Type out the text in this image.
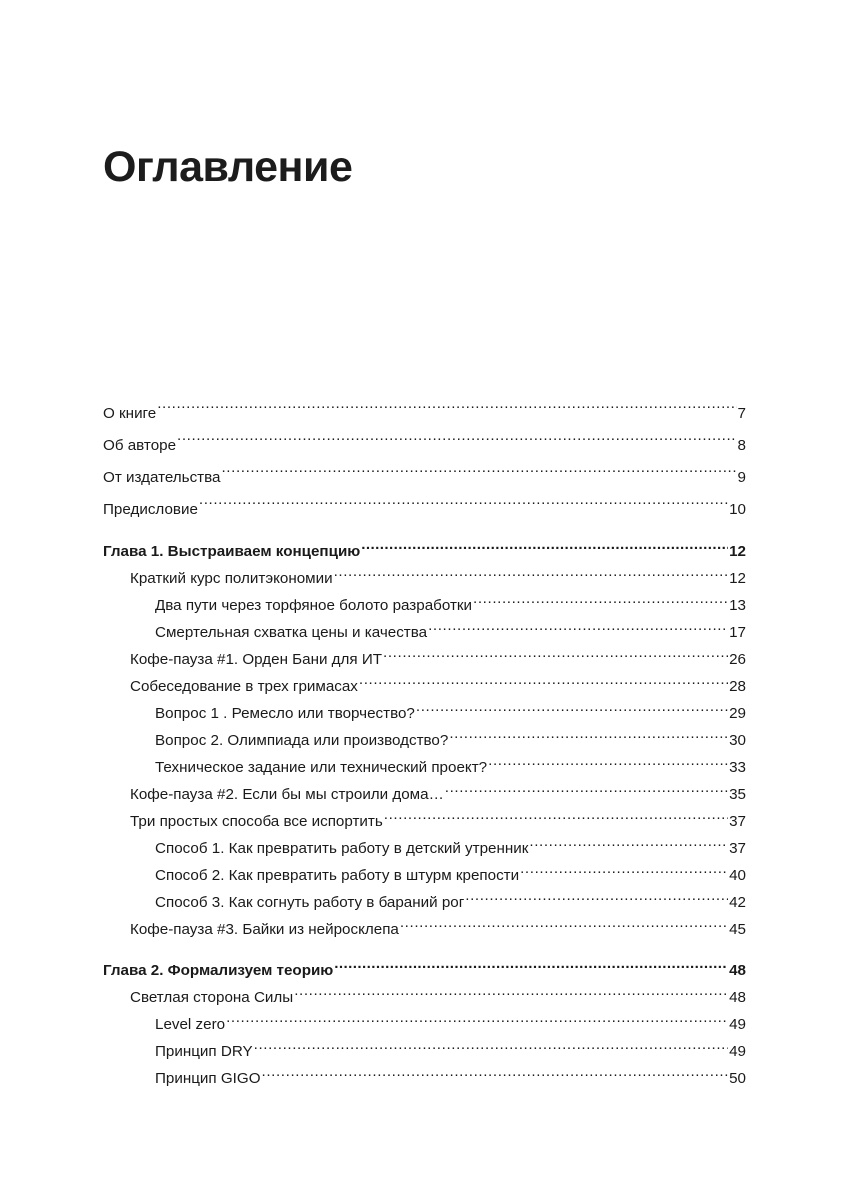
Оглавление
О книге .....	7
Об авторе .....	8
От издательства .....	9
Предисловие .....	10
Глава 1. Выстраиваем концепцию .....	12
Краткий курс политэкономии .....	12
Два пути через торфяное болото разработки .....	13
Смертельная схватка цены и качества .....	17
Кофе-пауза #1. Орден Бани для ИТ .....	26
Собеседование в трех гримасах .....	28
Вопрос 1 . Ремесло или творчество? .....	29
Вопрос 2. Олимпиада или производство? .....	30
Техническое задание или технический проект? .....	33
Кофе-пауза #2. Если бы мы строили дома… .....	35
Три простых способа все испортить .....	37
Способ 1. Как превратить работу в детский утренник .....	37
Способ 2. Как превратить работу в штурм крепости .....	40
Способ 3. Как согнуть работу в бараний рог .....	42
Кофе-пауза #3. Байки из нейросклепа .....	45
Глава 2. Формализуем теорию .....	48
Светлая сторона Силы .....	48
Level zero .....	49
Принцип DRY .....	49
Принцип GIGO .....	50
